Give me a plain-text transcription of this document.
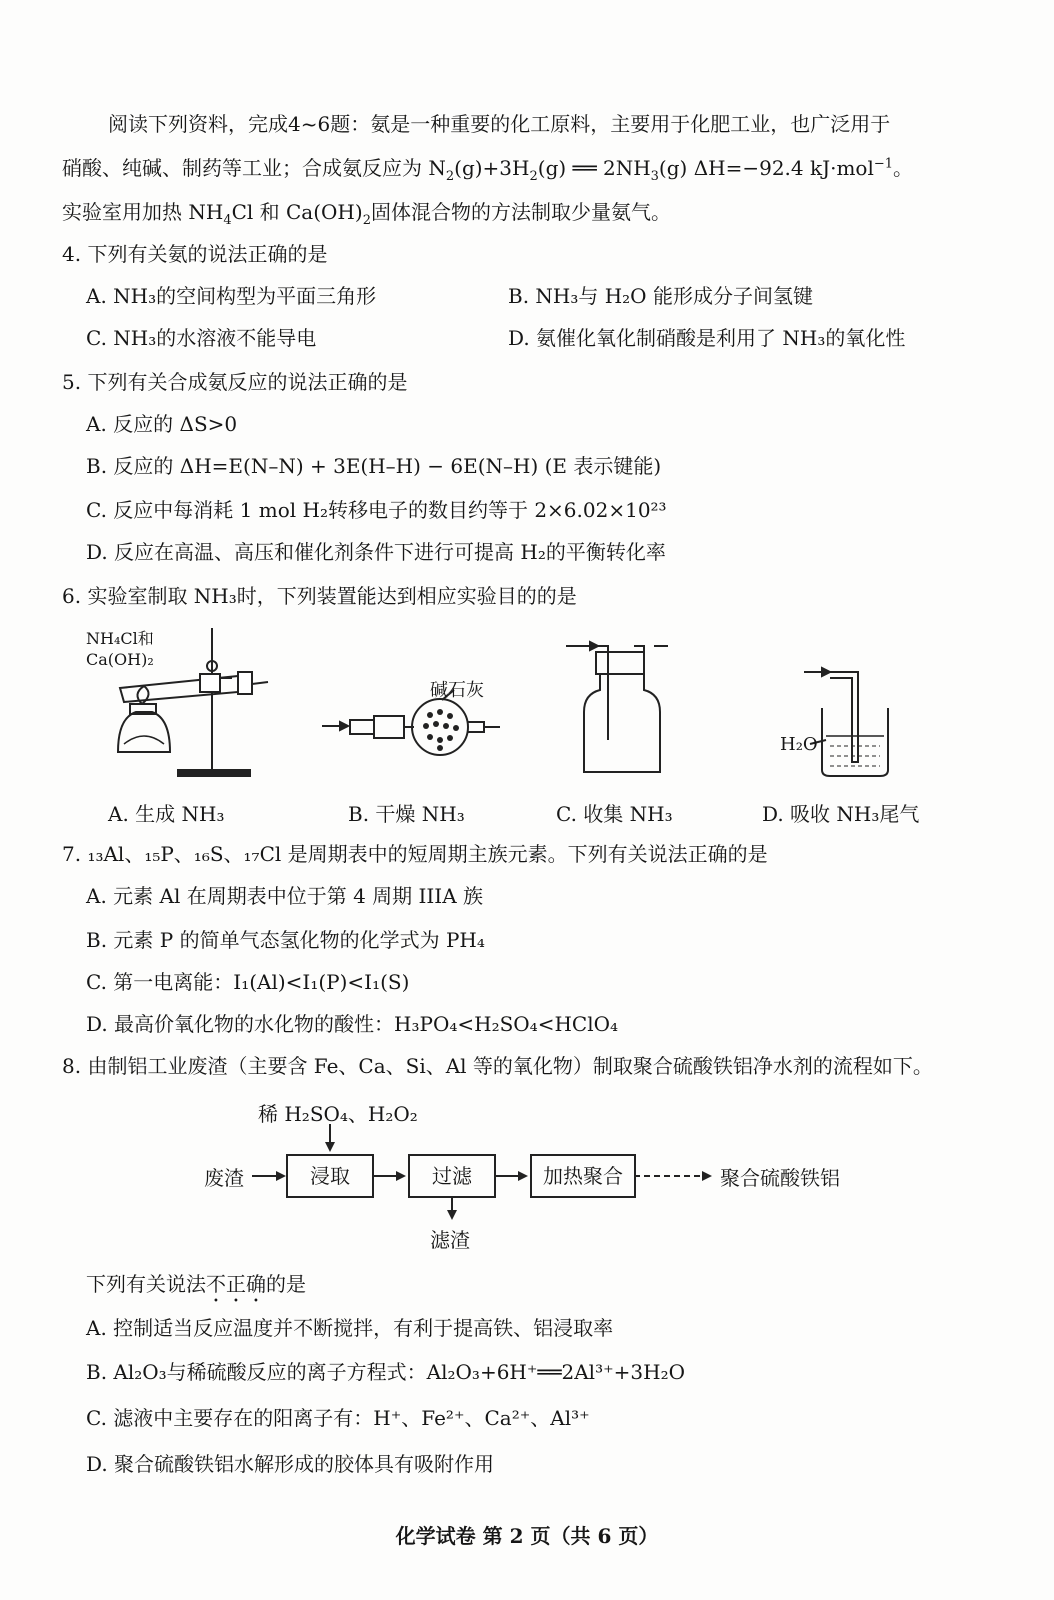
阅读下列资料，完成4~6题：氨是一种重要的化工原料，主要用于化肥工业，也广泛用于
硝酸、纯碱、制药等工业；合成氨反应为 $N_2(g)+3H_2(g)$ ══ $2NH_3(g)$ ΔH=−92.4 kJ·mol$^{-1}$。
实验室用加热 $NH_4Cl$ 和 $Ca(OH)_2$固体混合物的方法制取少量氨气。
4. 下列有关氨的说法正确的是
A. NH₃的空间构型为平面三角形	B. NH₃与 H₂O 能形成分子间氢键
C. NH₃的水溶液不能导电	D. 氨催化氧化制硝酸是利用了 NH₃的氧化性
5. 下列有关合成氨反应的说法正确的是
A. 反应的 ΔS>0
B. 反应的 ΔH=E(N–N) + 3E(H–H) − 6E(N–H) (E 表示键能)
C. 反应中每消耗 1 mol H₂转移电子的数目约等于 2×6.02×10²³
D. 反应在高温、高压和催化剂条件下进行可提高 H₂的平衡转化率
6. 实验室制取 NH₃时，下列装置能达到相应实验目的的是
NH₄Cl和
Ca(OH)₂
碱石灰
H₂O
A. 生成 NH₃	B. 干燥 NH₃	C. 收集 NH₃	D. 吸收 NH₃尾气
7. ₁₃Al、₁₅P、₁₆S、₁₇Cl 是周期表中的短周期主族元素。下列有关说法正确的是
A. 元素 Al 在周期表中位于第 4 周期 IIIA 族
B. 元素 P 的简单气态氢化物的化学式为 PH₄
C. 第一电离能：I₁(Al)<I₁(P)<I₁(S)
D. 最高价氧化物的水化物的酸性：H₃PO₄<H₂SO₄<HClO₄
8. 由制铝工业废渣（主要含 Fe、Ca、Si、Al 等的氧化物）制取聚合硫酸铁铝净水剂的流程如下。
稀 H₂SO₄、H₂O₂
废渣	浸取	过滤	加热聚合	聚合硫酸铁铝
滤渣
下列有关说法不正确的是
A. 控制适当反应温度并不断搅拌，有利于提高铁、铝浸取率
B. Al₂O₃与稀硫酸反应的离子方程式：Al₂O₃+6H⁺══2Al³⁺+3H₂O
C. 滤液中主要存在的阳离子有：H⁺、Fe²⁺、Ca²⁺、Al³⁺
D. 聚合硫酸铁铝水解形成的胶体具有吸附作用
化学试卷 第 2 页（共 6 页）
